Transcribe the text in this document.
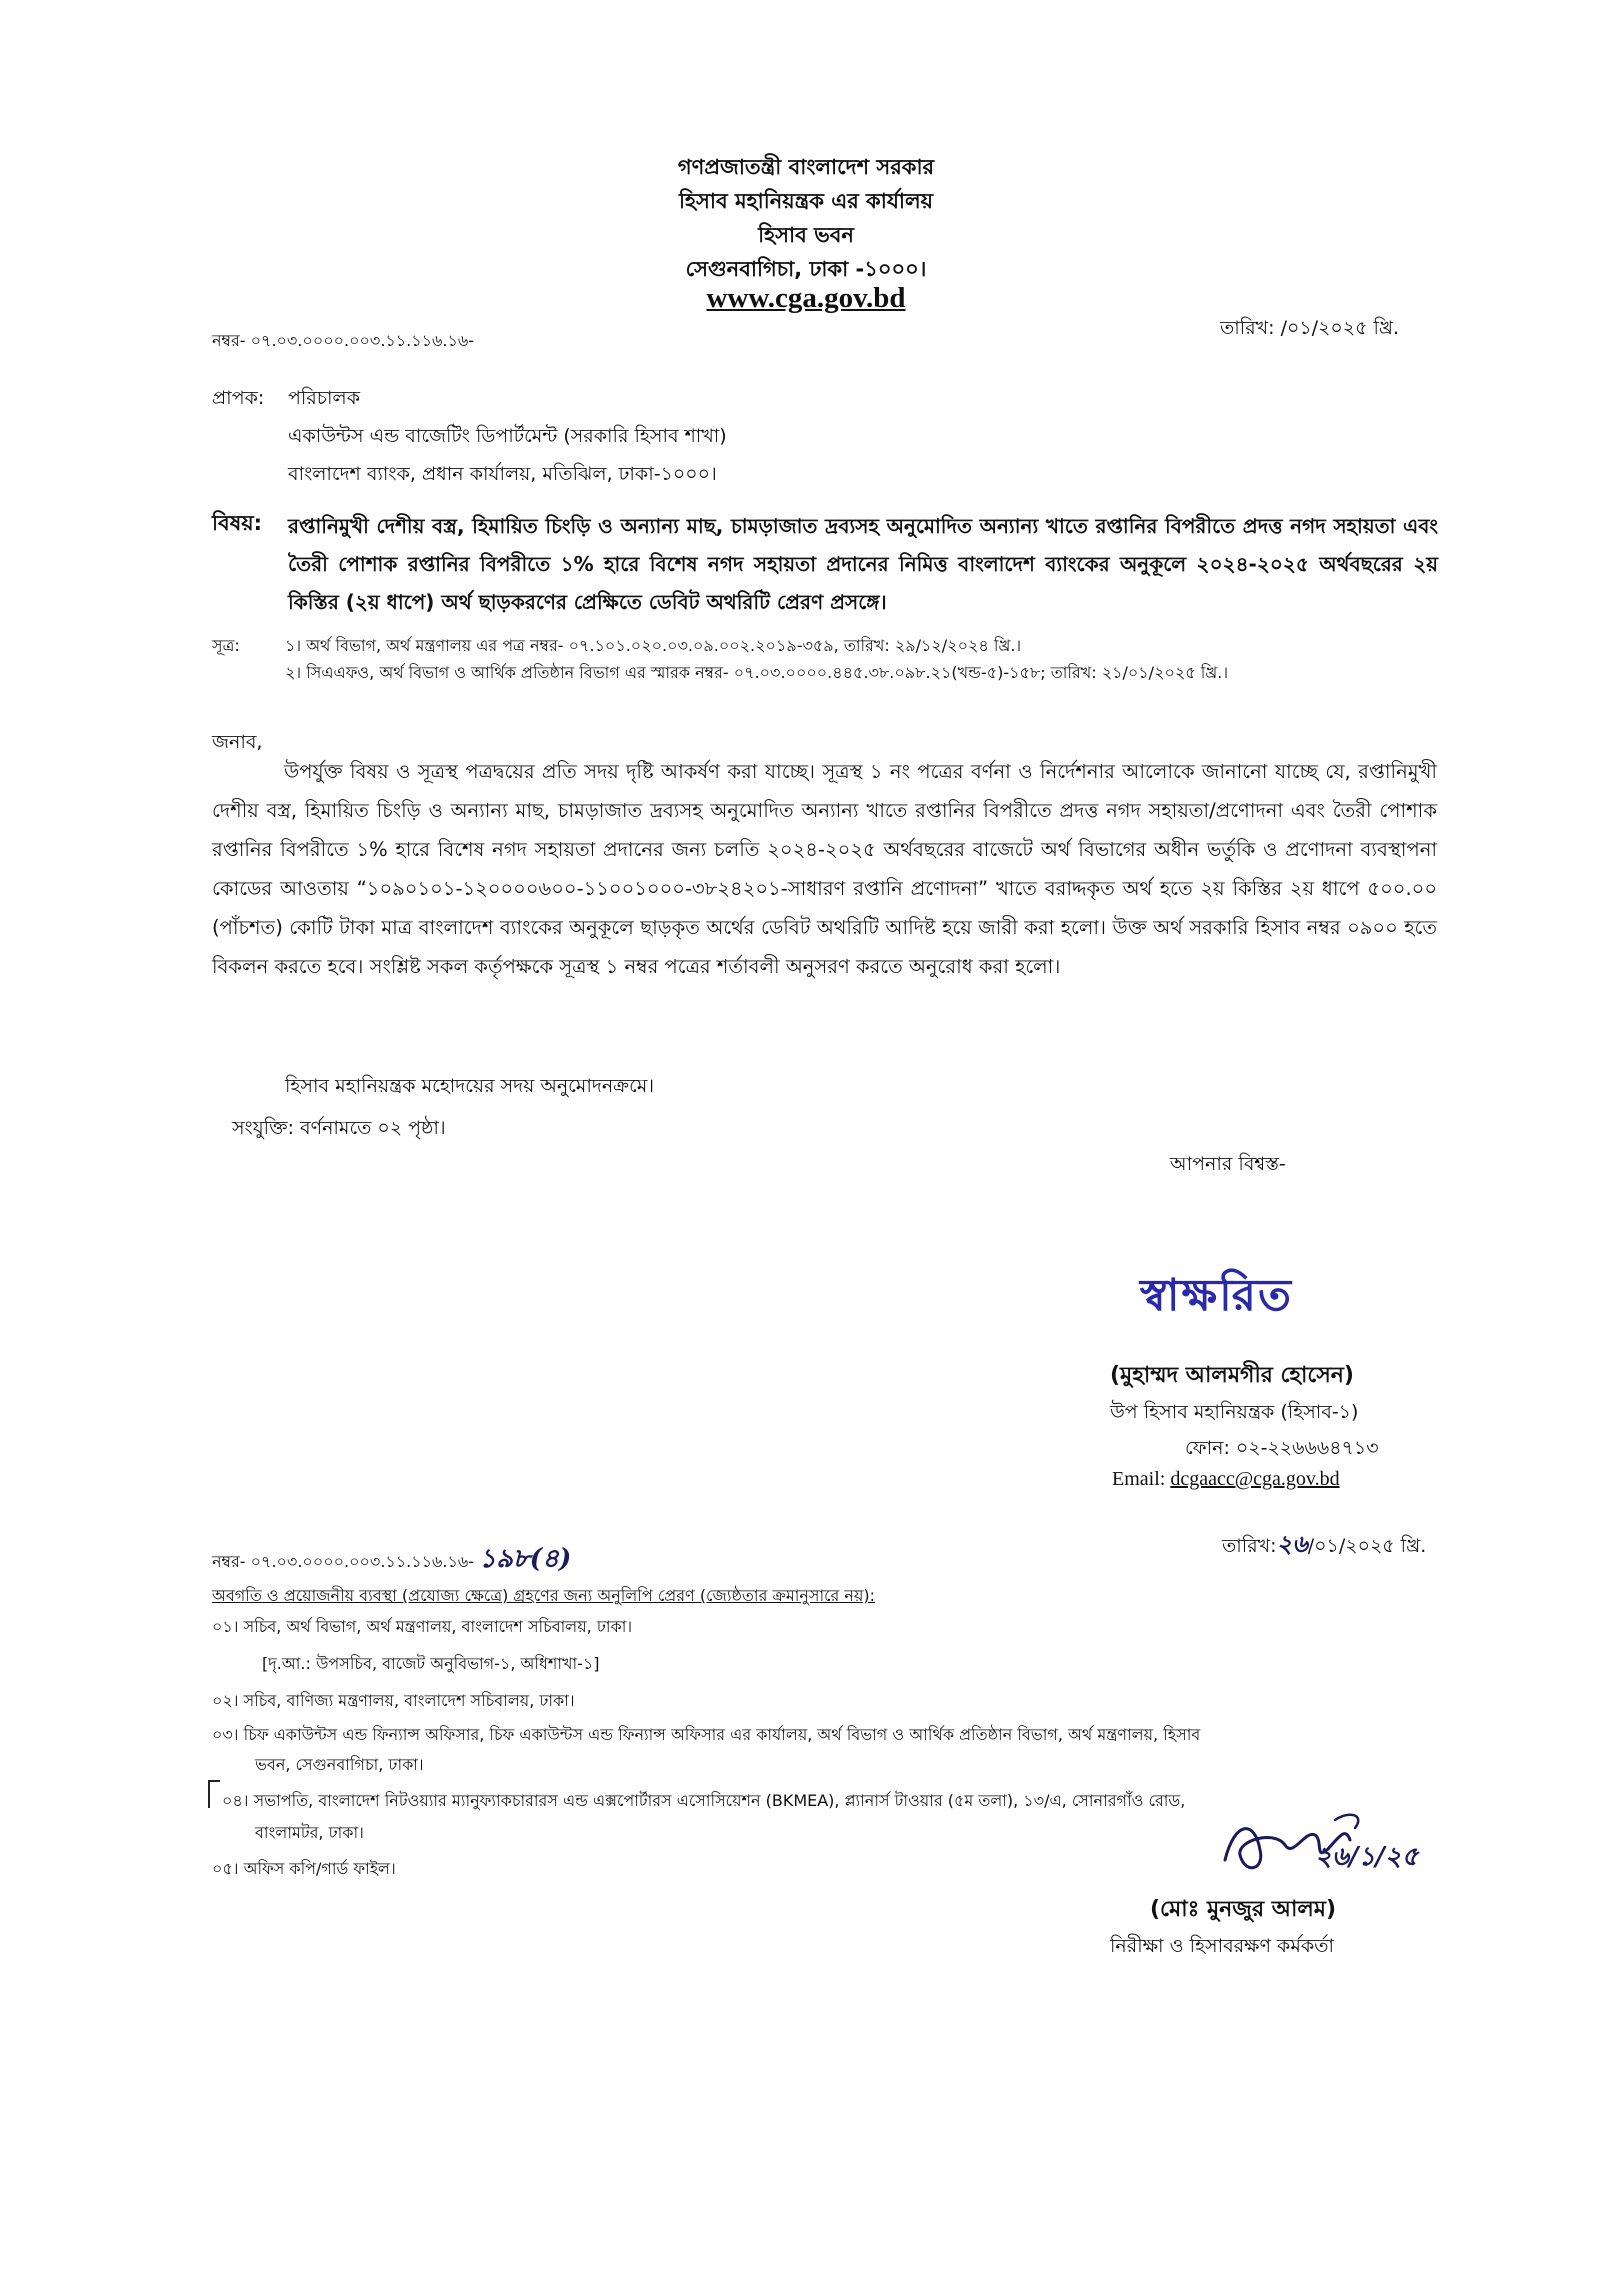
গণপ্রজাতন্ত্রী বাংলাদেশ সরকার
হিসাব মহানিয়ন্ত্রক এর কার্যালয়
হিসাব ভবন
সেগুনবাগিচা, ঢাকা -১০০০।
www.cga.gov.bd
নম্বর- ০৭.০৩.০০০০.০০৩.১১.১১৬.১৬-
তারিখ: /০১/২০২৫ খ্রি.
প্রাপক: পরিচালক
একাউন্টস এন্ড বাজেটিং ডিপার্টমেন্ট (সরকারি হিসাব শাখা)
বাংলাদেশ ব্যাংক, প্রধান কার্যালয়, মতিঝিল, ঢাকা-১০০০।
বিষয়: রপ্তানিমুখী দেশীয় বস্ত্র, হিমায়িত চিংড়ি ও অন্যান্য মাছ, চামড়াজাত দ্রব্যসহ অনুমোদিত অন্যান্য খাতে রপ্তানির বিপরীতে প্রদত্ত নগদ সহায়তা এবং তৈরী পোশাক রপ্তানির বিপরীতে ১% হারে বিশেষ নগদ সহায়তা প্রদানের নিমিত্ত বাংলাদেশ ব্যাংকের অনুকূলে ২০২৪-২০২৫ অর্থবছরের ২য় কিস্তির (২য় ধাপে) অর্থ ছাড়করণের প্রেক্ষিতে ডেবিট অথরিটি প্রেরণ প্রসঙ্গে।
সূত্র:	১। অর্থ বিভাগ, অর্থ মন্ত্রণালয় এর পত্র নম্বর- ০৭.১০১.০২০.০৩.০৯.০০২.২০১৯-৩৫৯, তারিখ: ২৯/১২/২০২৪ খ্রি.।
২। সিএএফও, অর্থ বিভাগ ও আর্থিক প্রতিষ্ঠান বিভাগ এর স্মারক নম্বর- ০৭.০৩.০০০০.৪৪৫.৩৮.০৯৮.২১(খন্ড-৫)-১৫৮; তারিখ: ২১/০১/২০২৫ খ্রি.।
জনাব,
উপর্যুক্ত বিষয় ও সূত্রস্থ পত্রদ্বয়ের প্রতি সদয় দৃষ্টি আকর্ষণ করা যাচ্ছে। সূত্রস্থ ১ নং পত্রের বর্ণনা ও নির্দেশনার আলোকে জানানো যাচ্ছে যে, রপ্তানিমুখী দেশীয় বস্ত্র, হিমায়িত চিংড়ি ও অন্যান্য মাছ, চামড়াজাত দ্রব্যসহ অনুমোদিত অন্যান্য খাতে রপ্তানির বিপরীতে প্রদত্ত নগদ সহায়তা/প্রণোদনা এবং তৈরী পোশাক রপ্তানির বিপরীতে ১% হারে বিশেষ নগদ সহায়তা প্রদানের জন্য চলতি ২০২৪-২০২৫ অর্থবছরের বাজেটে অর্থ বিভাগের অধীন ভর্তুকি ও প্রণোদনা ব্যবস্থাপনা কোডের আওতায় “১০৯০১০১-১২০০০০৬০০-১১০০১০০০-৩৮২৪২০১-সাধারণ রপ্তানি প্রণোদনা” খাতে বরাদ্দকৃত অর্থ হতে ২য় কিস্তির ২য় ধাপে ৫০০.০০ (পাঁচশত) কোটি টাকা মাত্র বাংলাদেশ ব্যাংকের অনুকূলে ছাড়কৃত অর্থের ডেবিট অথরিটি আদিষ্ট হয়ে জারী করা হলো। উক্ত অর্থ সরকারি হিসাব নম্বর ০৯০০ হতে বিকলন করতে হবে। সংশ্লিষ্ট সকল কর্তৃপক্ষকে সূত্রস্থ ১ নম্বর পত্রের শর্তাবলী অনুসরণ করতে অনুরোধ করা হলো।
হিসাব মহানিয়ন্ত্রক মহোদয়ের সদয় অনুমোদনক্রমে।
সংযুক্তি: বর্ণনামতে ০২ পৃষ্ঠা।
আপনার বিশ্বস্ত-
স্বাক্ষরিত
(মুহাম্মদ আলমগীর হোসেন)
উপ হিসাব মহানিয়ন্ত্রক (হিসাব-১)
ফোন: ০২-২২৬৬৬৪৭১৩
Email: dcgaacc@cga.gov.bd
নম্বর- ০৭.০৩.০০০০.০০৩.১১.১১৬.১৬- ১৯৮(৪)	তারিখ:২৬/০১/২০২৫ খ্রি.
অবগতি ও প্রয়োজনীয় ব্যবস্থা (প্রযোজ্য ক্ষেত্রে) গ্রহণের জন্য অনুলিপি প্রেরণ (জ্যেষ্ঠতার ক্রমানুসারে নয়):
০১। সচিব, অর্থ বিভাগ, অর্থ মন্ত্রণালয়, বাংলাদেশ সচিবালয়, ঢাকা।
[দৃ.আ.: উপসচিব, বাজেট অনুবিভাগ-১, অধিশাখা-১]
০২। সচিব, বাণিজ্য মন্ত্রণালয়, বাংলাদেশ সচিবালয়, ঢাকা।
০৩। চিফ একাউন্টস এন্ড ফিন্যান্স অফিসার, চিফ একাউন্টস এন্ড ফিন্যান্স অফিসার এর কার্যালয়, অর্থ বিভাগ ও আর্থিক প্রতিষ্ঠান বিভাগ, অর্থ মন্ত্রণালয়, হিসাব
ভবন, সেগুনবাগিচা, ঢাকা।
০৪। সভাপতি, বাংলাদেশ নিটওয়্যার ম্যানুফ্যাকচারারস এন্ড এক্সপোর্টারস এসোসিয়েশন (BKMEA), প্ল্যানার্স টাওয়ার (৫ম তলা), ১৩/এ, সোনারগাঁও রোড,
বাংলামটর, ঢাকা।
০৫। অফিস কপি/গার্ড ফাইল।	২৬/১/২৫
(মোঃ মুনজুর আলম)
নিরীক্ষা ও হিসাবরক্ষণ কর্মকর্তা
